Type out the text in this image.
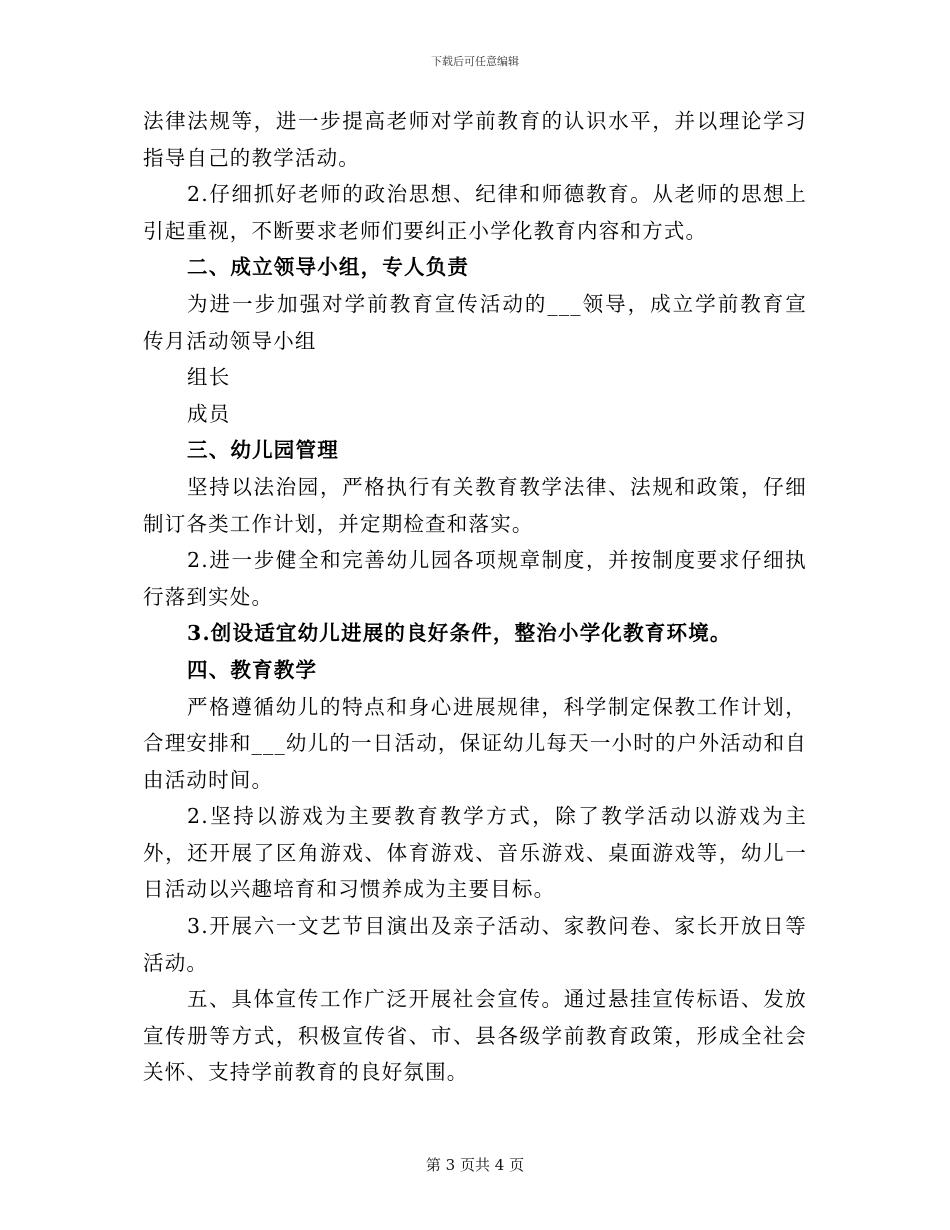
下载后可任意编辑

法律法规等，进一步提高老师对学前教育的认识水平，并以理论学习指导自己的教学活动。

2.仔细抓好老师的政治思想、纪律和师德教育。从老师的思想上引起重视，不断要求老师们要纠正小学化教育内容和方式。

二、成立领导小组，专人负责

为进一步加强对学前教育宣传活动的___领导，成立学前教育宣传月活动领导小组

组长

成员

三、幼儿园管理

坚持以法治园，严格执行有关教育教学法律、法规和政策，仔细制订各类工作计划，并定期检查和落实。

2.进一步健全和完善幼儿园各项规章制度，并按制度要求仔细执行落到实处。

3.创设适宜幼儿进展的良好条件，整治小学化教育环境。

四、教育教学

严格遵循幼儿的特点和身心进展规律，科学制定保教工作计划，合理安排和___幼儿的一日活动，保证幼儿每天一小时的户外活动和自由活动时间。

2.坚持以游戏为主要教育教学方式，除了教学活动以游戏为主外，还开展了区角游戏、体育游戏、音乐游戏、桌面游戏等，幼儿一日活动以兴趣培育和习惯养成为主要目标。

3.开展六一文艺节目演出及亲子活动、家教问卷、家长开放日等活动。

五、具体宣传工作广泛开展社会宣传。通过悬挂宣传标语、发放宣传册等方式，积极宣传省、市、县各级学前教育政策，形成全社会关怀、支持学前教育的良好氛围。

第 3 页共 4 页
